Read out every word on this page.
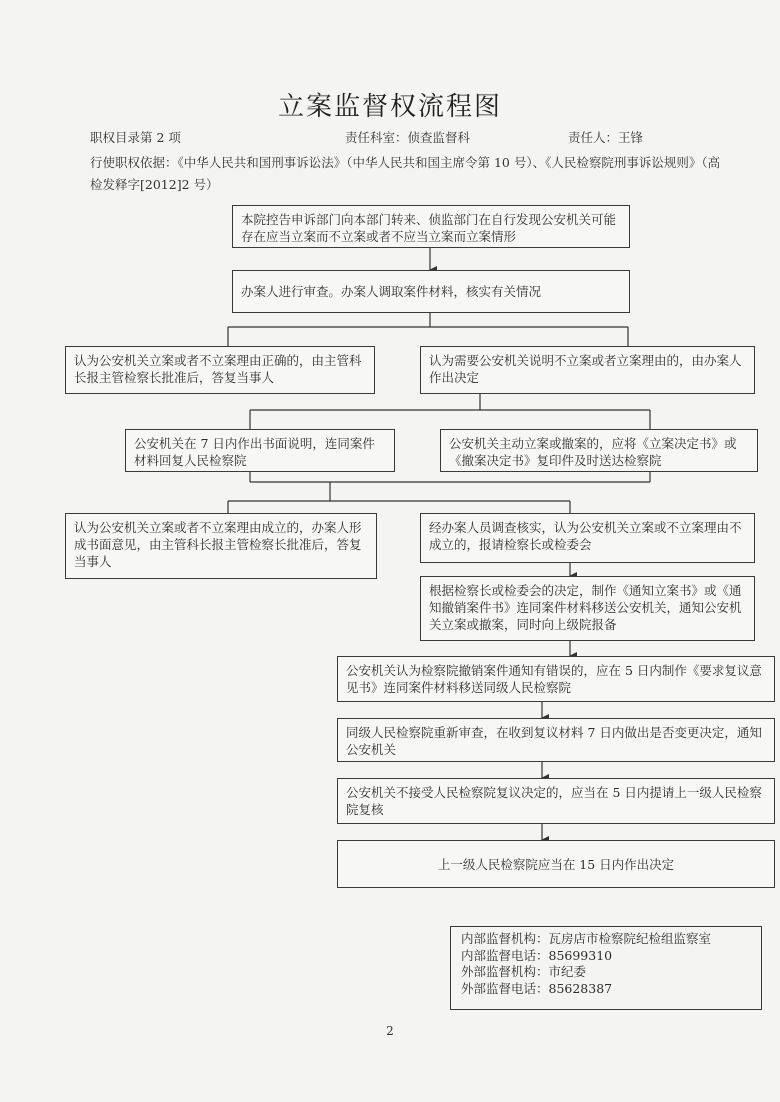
立案监督权流程图
职权目录第 2 项	责任科室：侦查监督科	责任人：王锋
行使职权依据：《中华人民共和国刑事诉讼法》（中华人民共和国主席令第 10 号）、《人民检察院刑事诉讼规则》（高检发释字[2012]2 号）
本院控告申诉部门向本部门转来、侦监部门在自行发现公安机关可能存在应当立案而不立案或者不应当立案而立案情形
办案人进行审查。办案人调取案件材料，核实有关情况
认为公安机关立案或者不立案理由正确的，由主管科长报主管检察长批准后，答复当事人
认为需要公安机关说明不立案或者立案理由的，由办案人作出决定
公安机关在 7 日内作出书面说明，连同案件材料回复人民检察院
公安机关主动立案或撤案的，应将《立案决定书》或《撤案决定书》复印件及时送达检察院
认为公安机关立案或者不立案理由成立的，办案人形成书面意见，由主管科长报主管检察长批准后，答复当事人
经办案人员调查核实，认为公安机关立案或不立案理由不成立的，报请检察长或检委会
根据检察长或检委会的决定，制作《通知立案书》或《通知撤销案件书》连同案件材料移送公安机关，通知公安机关立案或撤案，同时向上级院报备
公安机关认为检察院撤销案件通知有错误的，应在 5 日内制作《要求复议意见书》连同案件材料移送同级人民检察院
同级人民检察院重新审查，在收到复议材料 7 日内做出是否变更决定，通知公安机关
公安机关不接受人民检察院复议决定的，应当在 5 日内提请上一级人民检察院复核
上一级人民检察院应当在 15 日内作出决定
内部监督机构：瓦房店市检察院纪检组监察室
内部监督电话：85699310
外部监督机构：市纪委
外部监督电话：85628387
2
